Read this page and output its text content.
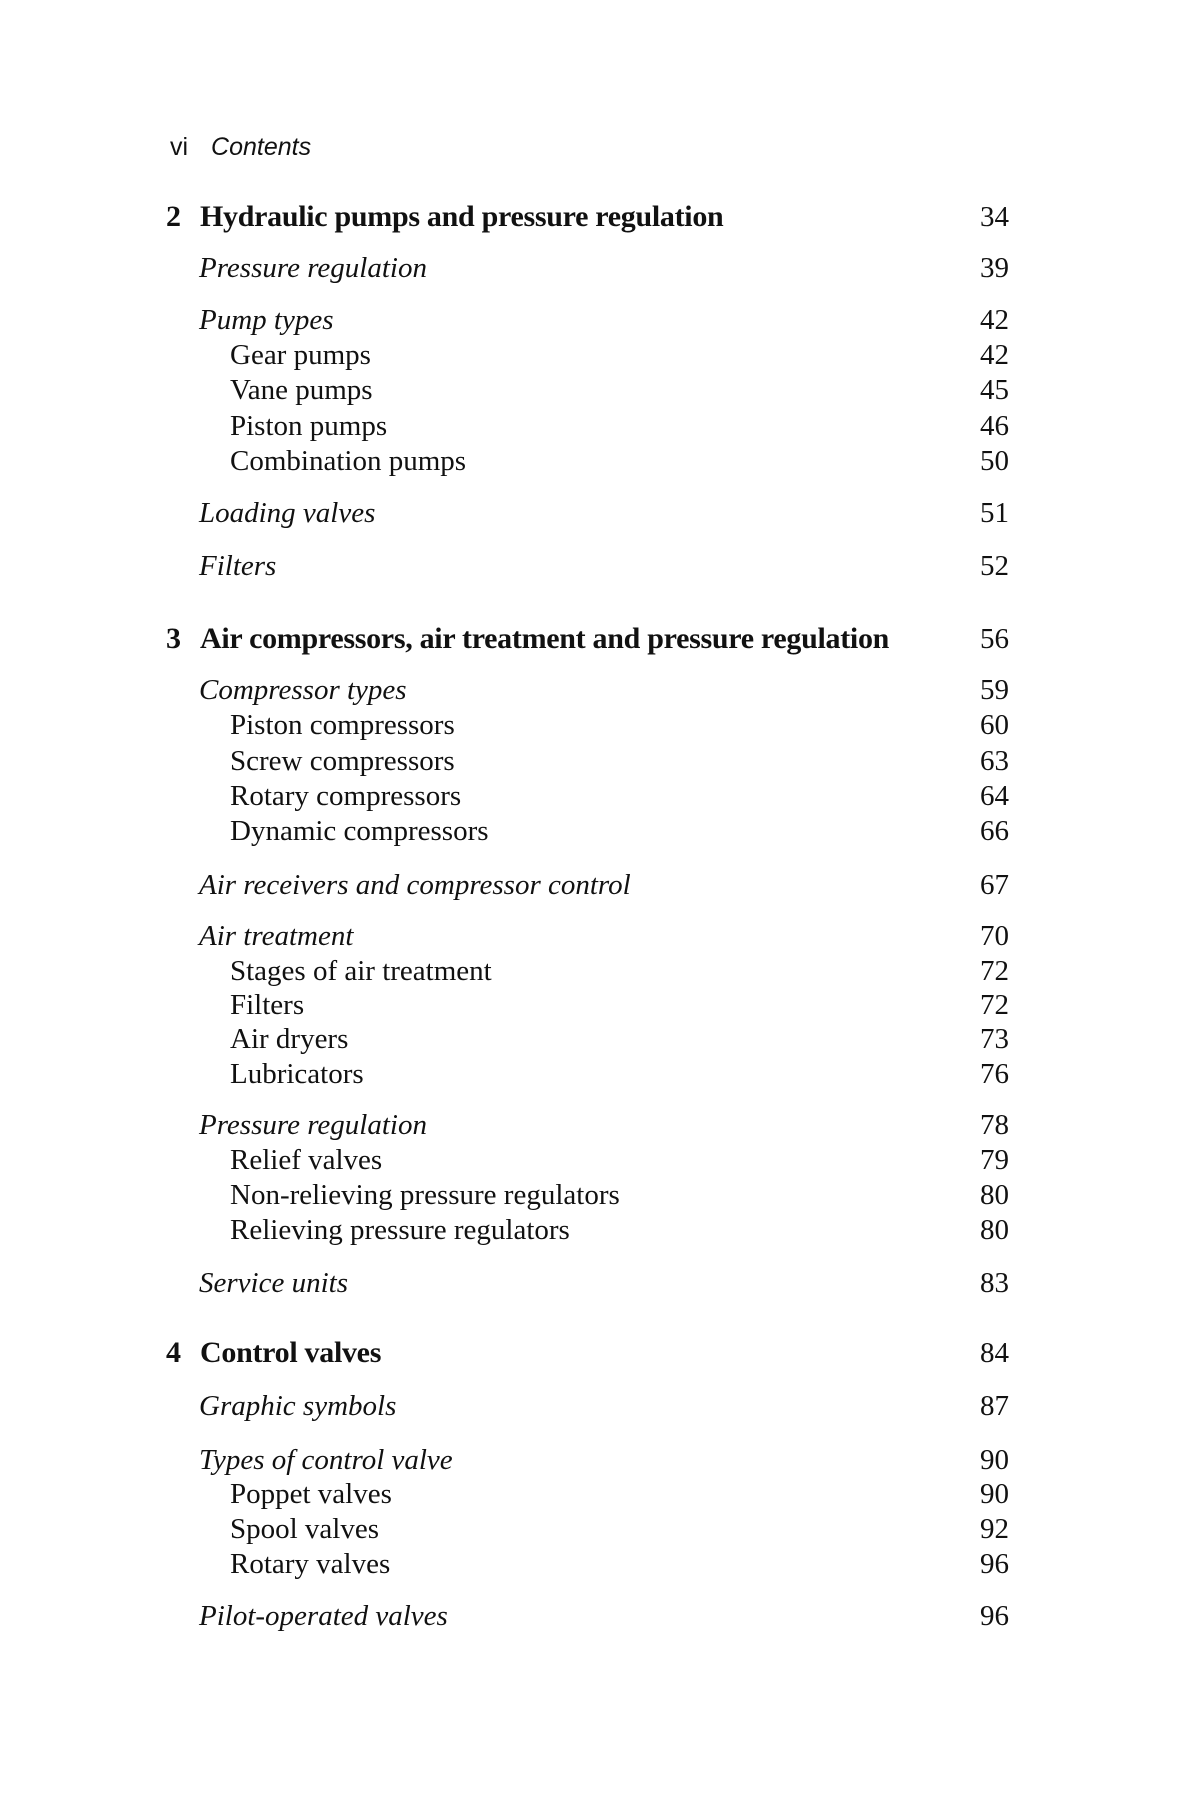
vi Contents
2 Hydraulic pumps and pressure regulation	34
Pressure regulation	39
Pump types	42
Gear pumps	42
Vane pumps	45
Piston pumps	46
Combination pumps	50
Loading valves	51
Filters	52
3 Air compressors, air treatment and pressure regulation	56
Compressor types	59
Piston compressors	60
Screw compressors	63
Rotary compressors	64
Dynamic compressors	66
Air receivers and compressor control	67
Air treatment	70
Stages of air treatment	72
Filters	72
Air dryers	73
Lubricators	76
Pressure regulation	78
Relief valves	79
Non-relieving pressure regulators	80
Relieving pressure regulators	80
Service units	83
4 Control valves	84
Graphic symbols	87
Types of control valve	90
Poppet valves	90
Spool valves	92
Rotary valves	96
Pilot-operated valves	96
